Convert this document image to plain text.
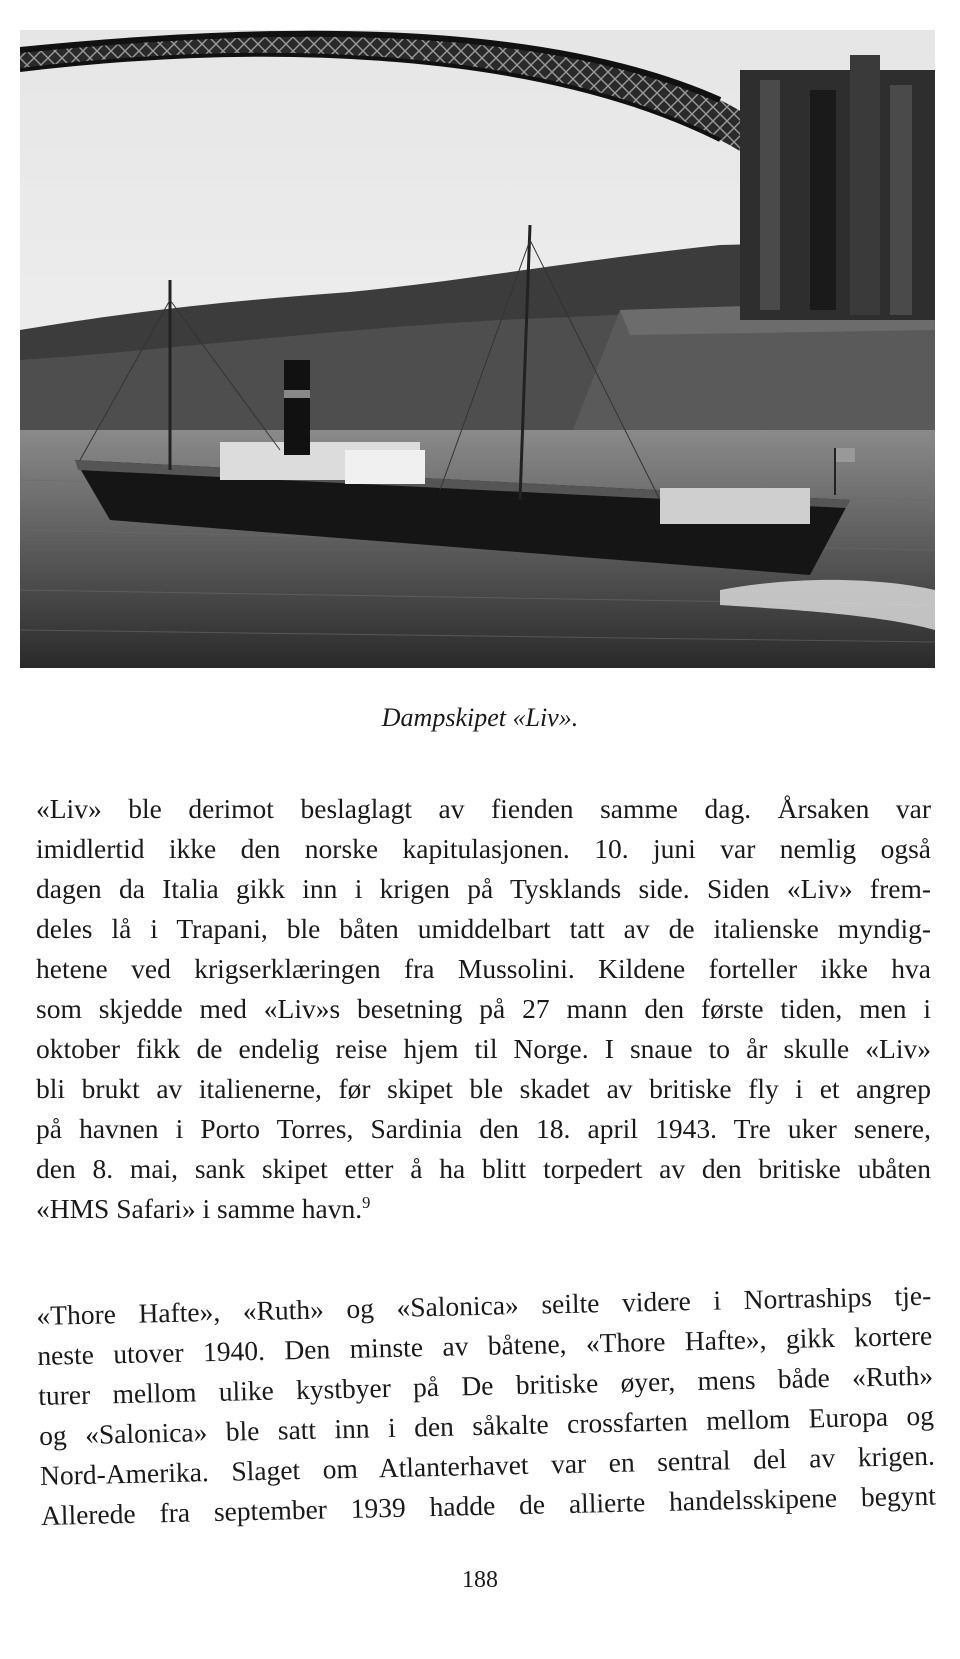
Dampskipet «Liv».
«Liv» ble derimot beslaglagt av fienden samme dag. Årsaken var
imidlertid ikke den norske kapitulasjonen. 10. juni var nemlig også
dagen da Italia gikk inn i krigen på Tysklands side. Siden «Liv» frem-
deles lå i Trapani, ble båten umiddelbart tatt av de italienske myndig-
hetene ved krigserklæringen fra Mussolini. Kildene forteller ikke hva
som skjedde med «Liv»s besetning på 27 mann den første tiden, men i
oktober fikk de endelig reise hjem til Norge. I snaue to år skulle «Liv»
bli brukt av italienerne, før skipet ble skadet av britiske fly i et angrep
på havnen i Porto Torres, Sardinia den 18. april 1943. Tre uker senere,
den 8. mai, sank skipet etter å ha blitt torpedert av den britiske ubåten
«HMS Safari» i samme havn.$^9$
«Thore Hafte», «Ruth» og «Salonica» seilte videre i Nortraships tje-
neste utover 1940. Den minste av båtene, «Thore Hafte», gikk kortere
turer mellom ulike kystbyer på De britiske øyer, mens både «Ruth»
og «Salonica» ble satt inn i den såkalte crossfarten mellom Europa og
Nord-Amerika. Slaget om Atlanterhavet var en sentral del av krigen.
Allerede fra september 1939 hadde de allierte handelsskipene begynt
188
